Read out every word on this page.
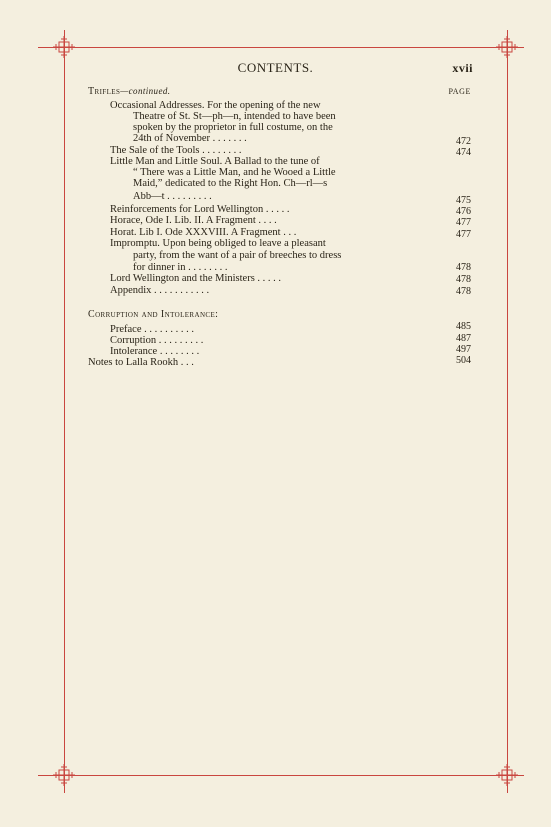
CONTENTS.	xvii
Trifles—continued.	PAGE
Occasional Addresses. For the opening of the new
Theatre of St. St—ph—n, intended to have been
spoken by the proprietor in full costume, on the
24th of November . . . . . . .	472
The Sale of the Tools . . . . . . . .	474
Little Man and Little Soul. A Ballad to the tune of
“ There was a Little Man, and he Wooed a Little
Maid,” dedicated to the Right Hon. Ch—rl—s
Abb—t . . . . . . . . .	475
Reinforcements for Lord Wellington . . . . .	476
Horace, Ode I. Lib. II. A Fragment . . . .	477
Horat. Lib I. Ode XXXVIII. A Fragment . . .	477
Impromptu. Upon being obliged to leave a pleasant
party, from the want of a pair of breeches to dress
for dinner in . . . . . . . .	478
Lord Wellington and the Ministers . . . . .	478
Appendix . . . . . . . . . . .	478
Corruption and Intolerance:
Preface . . . . . . . . . .	485
Corruption . . . . . . . . .	487
Intolerance . . . . . . . .	497
Notes to Lalla Rookh . . .	504
